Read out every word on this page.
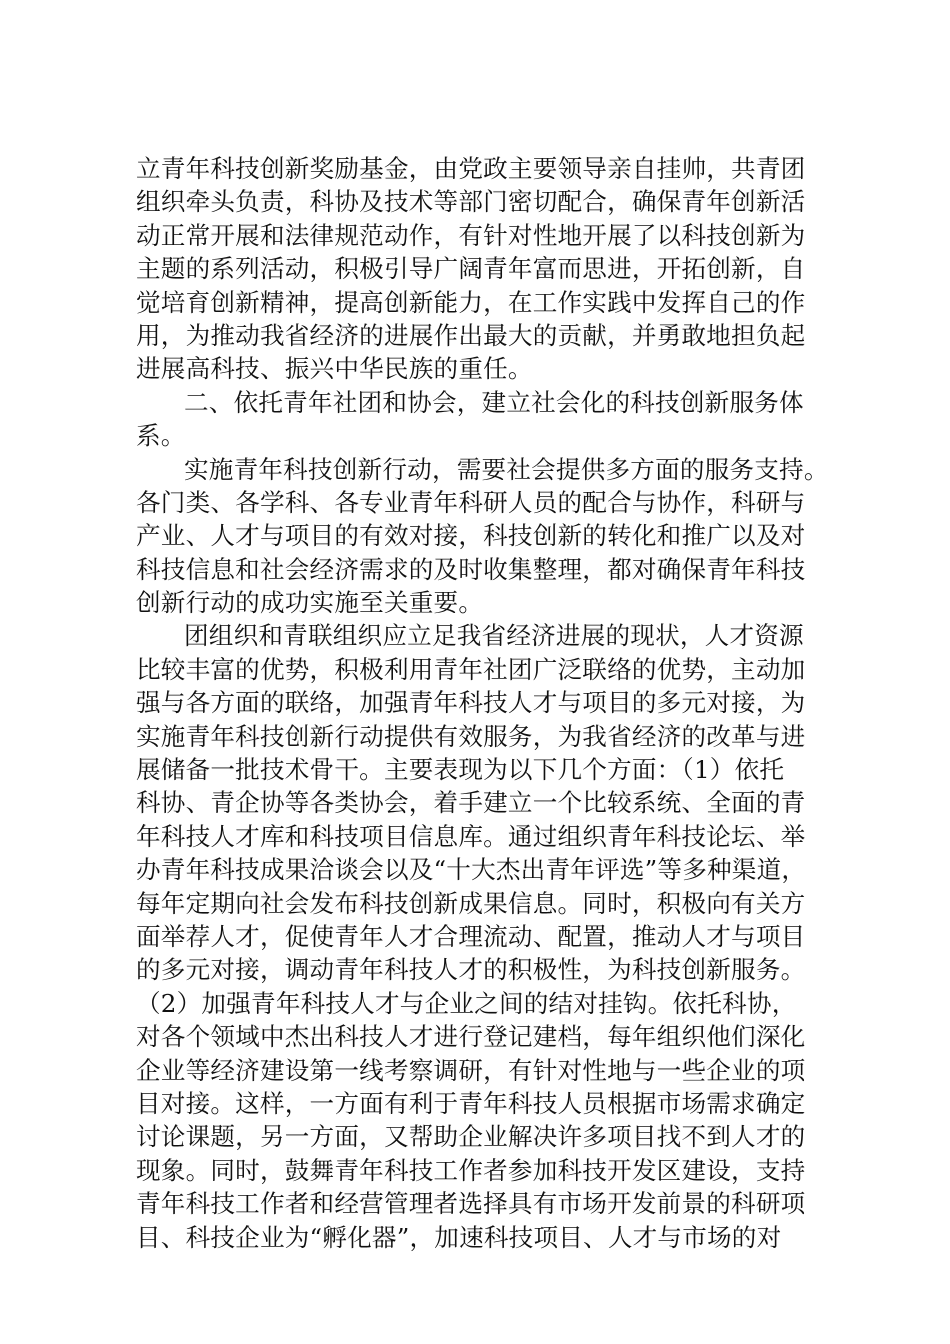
立青年科技创新奖励基金，由党政主要领导亲自挂帅，共青团
组织牵头负责，科协及技术等部门密切配合，确保青年创新活
动正常开展和法律规范动作，有针对性地开展了以科技创新为
主题的系列活动，积极引导广阔青年富而思进，开拓创新，自
觉培育创新精神，提高创新能力，在工作实践中发挥自己的作
用，为推动我省经济的进展作出最大的贡献，并勇敢地担负起
进展高科技、振兴中华民族的重任。
二、依托青年社团和协会，建立社会化的科技创新服务体
系。
实施青年科技创新行动，需要社会提供多方面的服务支持。
各门类、各学科、各专业青年科研人员的配合与协作，科研与
产业、人才与项目的有效对接，科技创新的转化和推广以及对
科技信息和社会经济需求的及时收集整理，都对确保青年科技
创新行动的成功实施至关重要。
团组织和青联组织应立足我省经济进展的现状，人才资源
比较丰富的优势，积极利用青年社团广泛联络的优势，主动加
强与各方面的联络，加强青年科技人才与项目的多元对接，为
实施青年科技创新行动提供有效服务，为我省经济的改革与进
展储备一批技术骨干。主要表现为以下几个方面：（1）依托
科协、青企协等各类协会，着手建立一个比较系统、全面的青
年科技人才库和科技项目信息库。通过组织青年科技论坛、举
办青年科技成果洽谈会以及“十大杰出青年评选”等多种渠道，
每年定期向社会发布科技创新成果信息。同时，积极向有关方
面举荐人才，促使青年人才合理流动、配置，推动人才与项目
的多元对接，调动青年科技人才的积极性，为科技创新服务。
（2）加强青年科技人才与企业之间的结对挂钩。依托科协，
对各个领域中杰出科技人才进行登记建档，每年组织他们深化
企业等经济建设第一线考察调研，有针对性地与一些企业的项
目对接。这样，一方面有利于青年科技人员根据市场需求确定
讨论课题，另一方面，又帮助企业解决许多项目找不到人才的
现象。同时，鼓舞青年科技工作者参加科技开发区建设，支持
青年科技工作者和经营管理者选择具有市场开发前景的科研项
目、科技企业为“孵化器”，加速科技项目、人才与市场的对
